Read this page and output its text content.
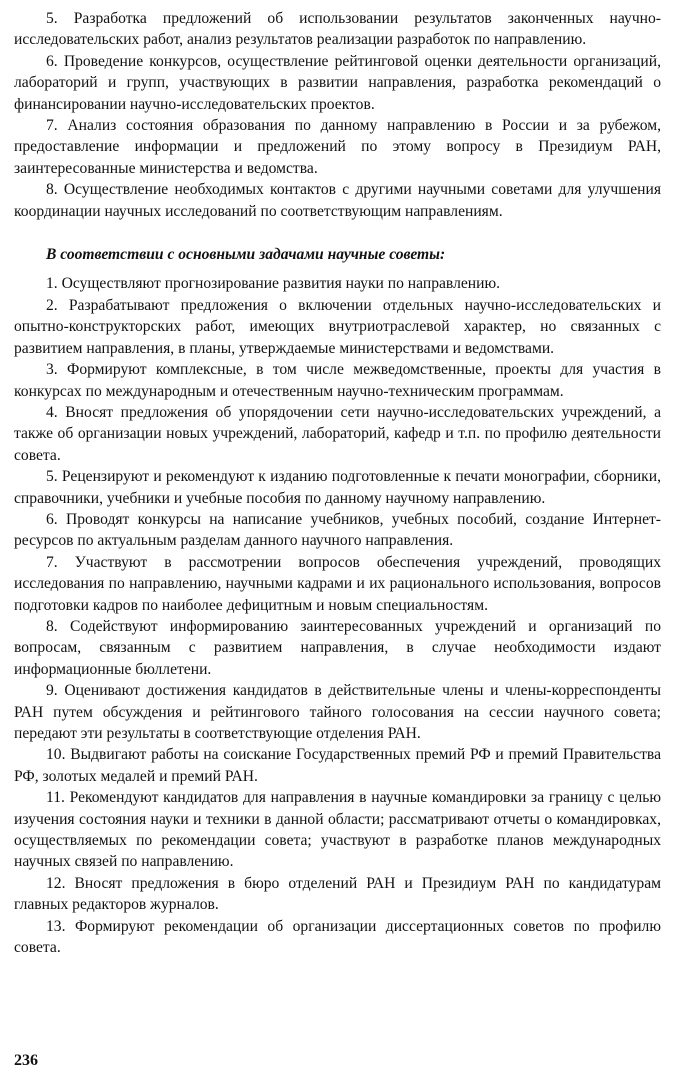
5. Разработка предложений об использовании результатов законченных научно-исследовательских работ, анализ результатов реализации разработок по направлению.

6. Проведение конкурсов, осуществление рейтинговой оценки деятельности организаций, лабораторий и групп, участвующих в развитии направления, разработка рекомендаций о финансировании научно-исследовательских проектов.

7. Анализ состояния образования по данному направлению в России и за рубежом, предоставление информации и предложений по этому вопросу в Президиум РАН, заинтересованные министерства и ведомства.

8. Осуществление необходимых контактов с другими научными советами для улучшения координации научных исследований по соответствующим направлениям.

В соответствии с основными задачами научные советы:

1. Осуществляют прогнозирование развития науки по направлению.

2. Разрабатывают предложения о включении отдельных научно-исследовательских и опытно-конструкторских работ, имеющих внутриотраслевой характер, но связанных с развитием направления, в планы, утверждаемые министерствами и ведомствами.

3. Формируют комплексные, в том числе межведомственные, проекты для участия в конкурсах по международным и отечественным научно-техническим программам.

4. Вносят предложения об упорядочении сети научно-исследовательских учреждений, а также об организации новых учреждений, лабораторий, кафедр и т.п. по профилю деятельности совета.

5. Рецензируют и рекомендуют к изданию подготовленные к печати монографии, сборники, справочники, учебники и учебные пособия по данному научному направлению.

6. Проводят конкурсы на написание учебников, учебных пособий, создание Интернет-ресурсов по актуальным разделам данного научного направления.

7. Участвуют в рассмотрении вопросов обеспечения учреждений, проводящих исследования по направлению, научными кадрами и их рационального использования, вопросов подготовки кадров по наиболее дефицитным и новым специальностям.

8. Содействуют информированию заинтересованных учреждений и организаций по вопросам, связанным с развитием направления, в случае необходимости издают информационные бюллетени.

9. Оценивают достижения кандидатов в действительные члены и члены-корреспонденты РАН путем обсуждения и рейтингового тайного голосования на сессии научного совета; передают эти результаты в соответствующие отделения РАН.

10. Выдвигают работы на соискание Государственных премий РФ и премий Правительства РФ, золотых медалей и премий РАН.

11. Рекомендуют кандидатов для направления в научные командировки за границу с целью изучения состояния науки и техники в данной области; рассматривают отчеты о командировках, осуществляемых по рекомендации совета; участвуют в разработке планов международных научных связей по направлению.

12. Вносят предложения в бюро отделений РАН и Президиум РАН по кандидатурам главных редакторов журналов.

13. Формируют рекомендации об организации диссертационных советов по профилю совета.

236
